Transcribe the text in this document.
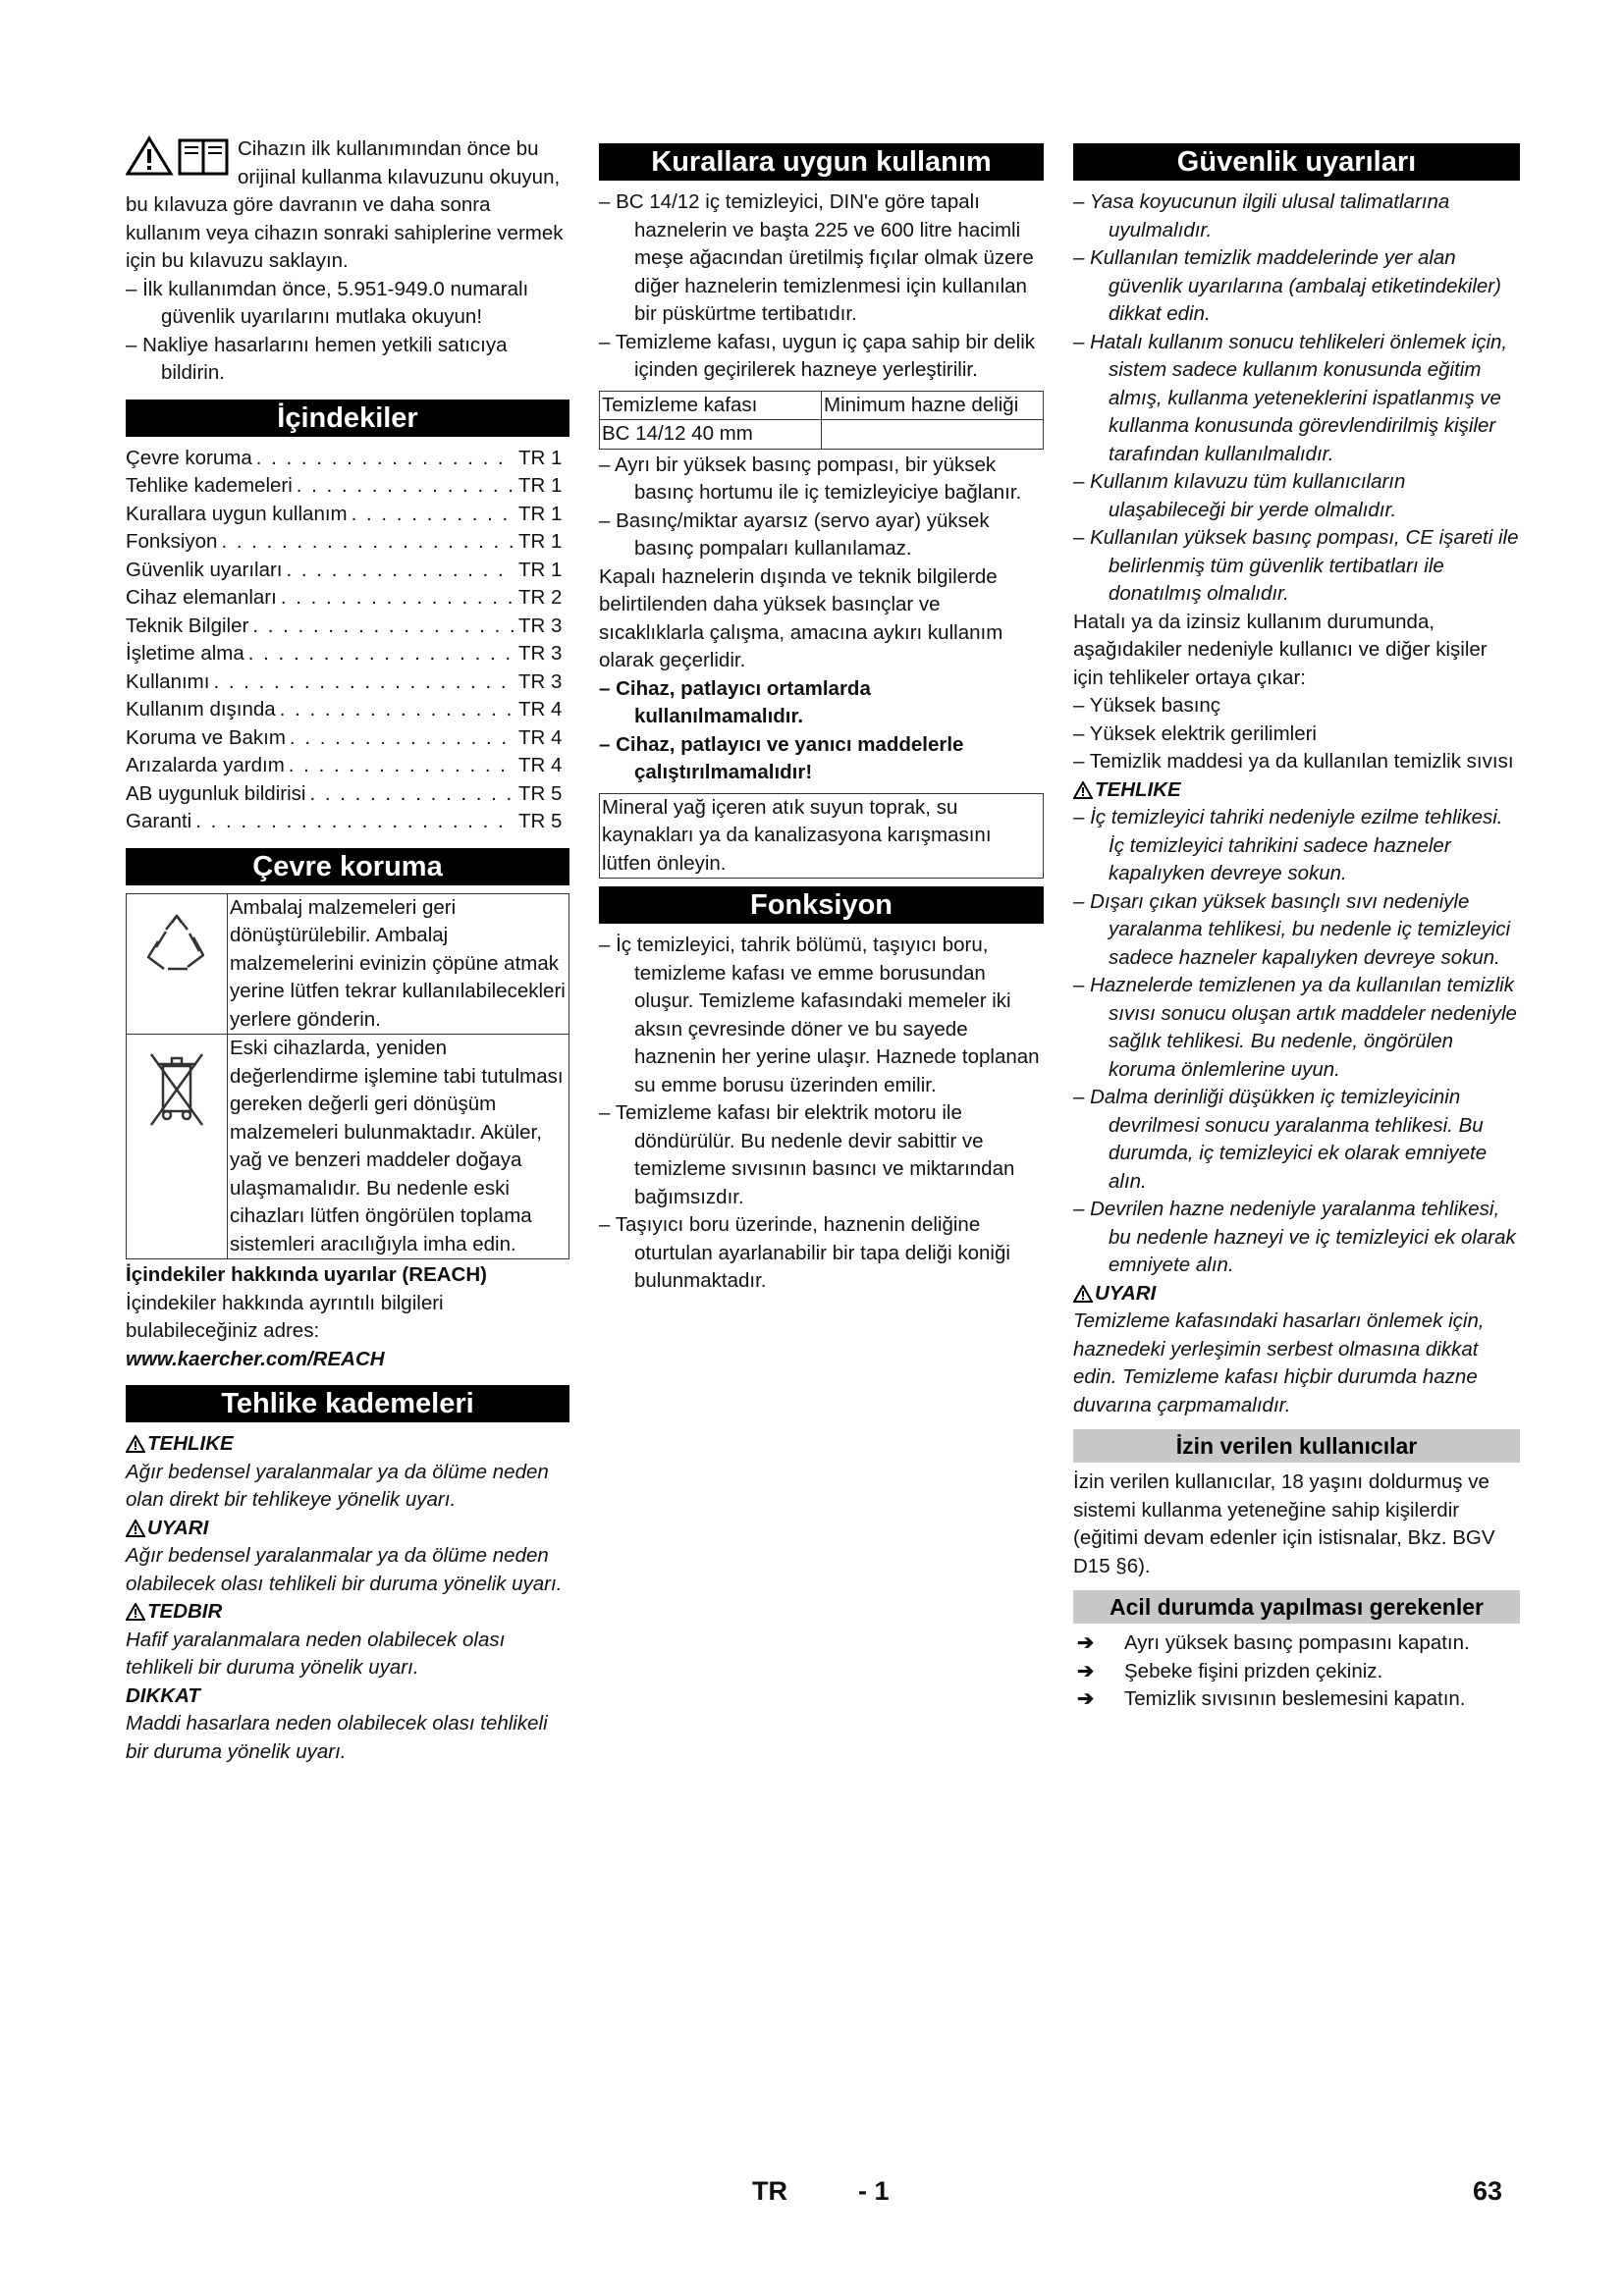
Cihazın ilk kullanımından önce bu orijinal kullanma kılavuzunu okuyun, bu kılavuza göre davranın ve daha sonra kullanım veya cihazın sonraki sahiplerine vermek için bu kılavuzu saklayın.

– İlk kullanımdan önce, 5.951-949.0 numaralı güvenlik uyarılarını mutlaka okuyun!

– Nakliye hasarlarını hemen yetkili satıcıya bildirin.

İçindekiler
Çevre koruma . . .	TR 1
Tehlike kademeleri . . .	TR 1
Kurallara uygun kullanım . . .	TR 1
Fonksiyon . . .	TR 1
Güvenlik uyarıları . . .	TR 1
Cihaz elemanları . . .	TR 2
Teknik Bilgiler . . .	TR 3
İşletime alma . . .	TR 3
Kullanımı . . .	TR 3
Kullanım dışında . . .	TR 4
Koruma ve Bakım . . .	TR 4
Arızalarda yardım . . .	TR 4
AB uygunluk bildirisi . . .	TR 5
Garanti . . .	TR 5
Çevre koruma
Ambalaj malzemeleri geri dönüştürülebilir. Ambalaj malzemelerini evinizin çöpüne atmak yerine lütfen tekrar kullanılabilecekleri yerlere gönderin.
Eski cihazlarda, yeniden değerlendirme işlemine tabi tutulması gereken değerli geri dönüşüm malzemeleri bulunmaktadır. Aküler, yağ ve benzeri maddeler doğaya ulaşmamalıdır. Bu nedenle eski cihazları lütfen öngörülen toplama sistemleri aracılığıyla imha edin.

İçindekiler hakkında uyarılar (REACH)

İçindekiler hakkında ayrıntılı bilgileri bulabileceğiniz adres:

www.kaercher.com/REACH

Tehlike kademeleri

TEHLIKE

Ağır bedensel yaralanmalar ya da ölüme neden olan direkt bir tehlikeye yönelik uyarı.

UYARI

Ağır bedensel yaralanmalar ya da ölüme neden olabilecek olası tehlikeli bir duruma yönelik uyarı.

TEDBIR

Hafif yaralanmalara neden olabilecek olası tehlikeli bir duruma yönelik uyarı.

DIKKAT

Maddi hasarlara neden olabilecek olası tehlikeli bir duruma yönelik uyarı.

Kurallara uygun kullanım

– BC 14/12 iç temizleyici, DIN'e göre tapalı haznelerin ve başta 225 ve 600 litre hacimli meşe ağacından üretilmiş fıçılar olmak üzere diğer haznelerin temizlenmesi için kullanılan bir püskürtme tertibatıdır.

– Temizleme kafası, uygun iç çapa sahip bir delik içinden geçirilerek hazneye yerleştirilir.

Temizleme kafası	Minimum hazne deliği
BC 14/12 40 mm	

– Ayrı bir yüksek basınç pompası, bir yüksek basınç hortumu ile iç temizleyiciye bağlanır.

– Basınç/miktar ayarsız (servo ayar) yüksek basınç pompaları kullanılamaz.

Kapalı haznelerin dışında ve teknik bilgilerde belirtilenden daha yüksek basınçlar ve sıcaklıklarla çalışma, amacına aykırı kullanım olarak geçerlidir.

– Cihaz, patlayıcı ortamlarda kullanılmamalıdır.

– Cihaz, patlayıcı ve yanıcı maddelerle çalıştırılmamalıdır!

Mineral yağ içeren atık suyun toprak, su kaynakları ya da kanalizasyona karışmasını lütfen önleyin.
Fonksiyon

– İç temizleyici, tahrik bölümü, taşıyıcı boru, temizleme kafası ve emme borusundan oluşur. Temizleme kafasındaki memeler iki aksın çevresinde döner ve bu sayede haznenin her yerine ulaşır. Haznede toplanan su emme borusu üzerinden emilir.

– Temizleme kafası bir elektrik motoru ile döndürülür. Bu nedenle devir sabittir ve temizleme sıvısının basıncı ve miktarından bağımsızdır.

– Taşıyıcı boru üzerinde, haznenin deliğine oturtulan ayarlanabilir bir tapa deliği koniği bulunmaktadır.

Güvenlik uyarıları

– Yasa koyucunun ilgili ulusal talimatlarına uyulmalıdır.

– Kullanılan temizlik maddelerinde yer alan güvenlik uyarılarına (ambalaj etiketindekiler) dikkat edin.

– Hatalı kullanım sonucu tehlikeleri önlemek için, sistem sadece kullanım konusunda eğitim almış, kullanma yeteneklerini ispatlanmış ve kullanma konusunda görevlendirilmiş kişiler tarafından kullanılmalıdır.

– Kullanım kılavuzu tüm kullanıcıların ulaşabileceği bir yerde olmalıdır.

– Kullanılan yüksek basınç pompası, CE işareti ile belirlenmiş tüm güvenlik tertibatları ile donatılmış olmalıdır.

Hatalı ya da izinsiz kullanım durumunda, aşağıdakiler nedeniyle kullanıcı ve diğer kişiler için tehlikeler ortaya çıkar:

– Yüksek basınç

– Yüksek elektrik gerilimleri

– Temizlik maddesi ya da kullanılan temizlik sıvısı

TEHLIKE

– İç temizleyici tahriki nedeniyle ezilme tehlikesi. İç temizleyici tahrikini sadece hazneler kapalıyken devreye sokun.

– Dışarı çıkan yüksek basınçlı sıvı nedeniyle yaralanma tehlikesi, bu nedenle iç temizleyici sadece hazneler kapalıyken devreye sokun.

– Haznelerde temizlenen ya da kullanılan temizlik sıvısı sonucu oluşan artık maddeler nedeniyle sağlık tehlikesi. Bu nedenle, öngörülen koruma önlemlerine uyun.

– Dalma derinliği düşükken iç temizleyicinin devrilmesi sonucu yaralanma tehlikesi. Bu durumda, iç temizleyici ek olarak emniyete alın.

– Devrilen hazne nedeniyle yaralanma tehlikesi, bu nedenle hazneyi ve iç temizleyici ek olarak emniyete alın.

UYARI

Temizleme kafasındaki hasarları önlemek için, haznedeki yerleşimin serbest olmasına dikkat edin. Temizleme kafası hiçbir durumda hazne duvarına çarpmamalıdır.

İzin verilen kullanıcılar

İzin verilen kullanıcılar, 18 yaşını doldurmuş ve sistemi kullanma yeteneğine sahip kişilerdir (eğitimi devam edenler için istisnalar, Bkz. BGV D15 §6).

Acil durumda yapılması gerekenler

➔ Ayrı yüksek basınç pompasını kapatın.

➔ Şebeke fişini prizden çekiniz.

➔ Temizlik sıvısının beslemesini kapatın.

TR	- 1	63
